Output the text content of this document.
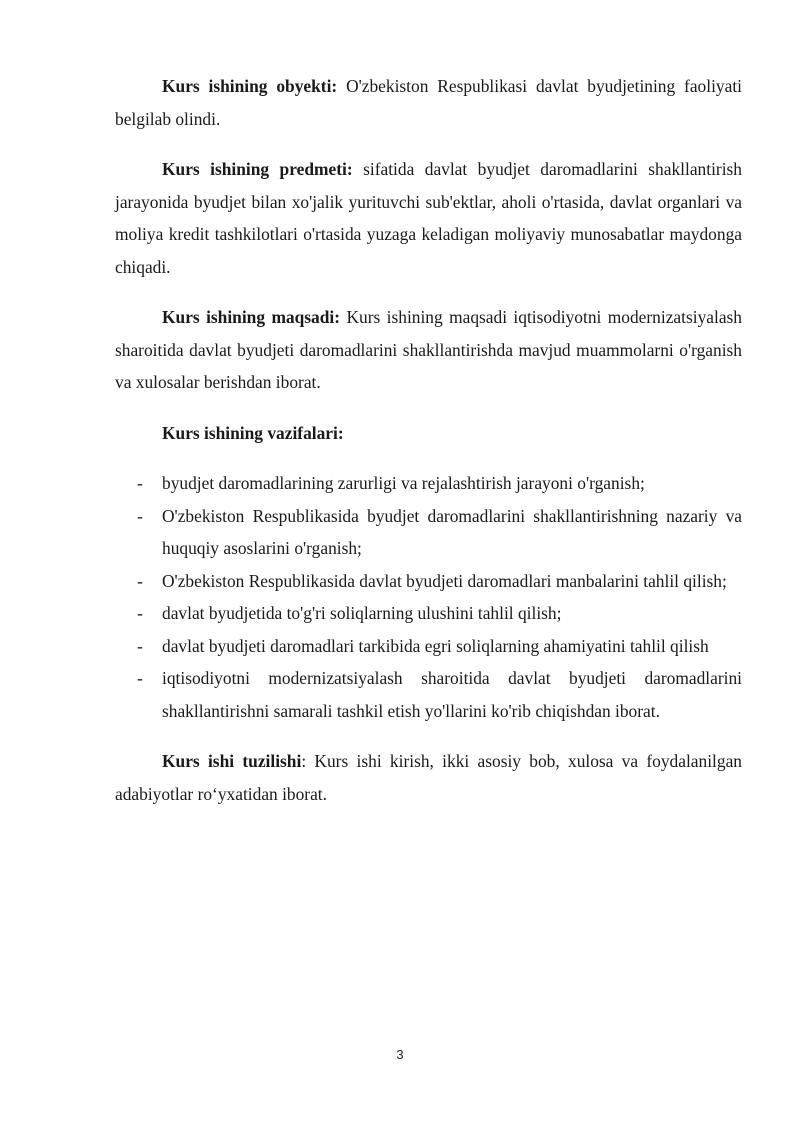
Kurs ishining obyekti: O'zbekiston Respublikasi davlat byudjetining faoliyati belgilab olindi.

Kurs ishining predmeti: sifatida davlat byudjet daromadlarini shakllantirish jarayonida byudjet bilan xo'jalik yurituvchi sub'ektlar, aholi o'rtasida, davlat organlari va moliya kredit tashkilotlari o'rtasida yuzaga keladigan moliyaviy munosabatlar maydonga chiqadi.

Kurs ishining maqsadi: Kurs ishining maqsadi iqtisodiyotni modernizatsiyalash sharoitida davlat byudjeti daromadlarini shakllantirishda mavjud muammolarni o'rganish va xulosalar berishdan iborat.

Kurs ishining vazifalari:

- byudjet daromadlarining zarurligi va rejalashtirish jarayoni o'rganish;
- O'zbekiston Respublikasida byudjet daromadlarini shakllantirishning nazariy va huquqiy asoslarini o'rganish;
- O'zbekiston Respublikasida davlat byudjeti daromadlari manbalarini tahlil qilish;
- davlat byudjetida to'g'ri soliqlarning ulushini tahlil qilish;
- davlat byudjeti daromadlari tarkibida egri soliqlarning ahamiyatini tahlil qilish
- iqtisodiyotni modernizatsiyalash sharoitida davlat byudjeti daromadlarini shakllantirishni samarali tashkil etish yo'llarini ko'rib chiqishdan iborat.

Kurs ishi tuzilishi: Kurs ishi kirish, ikki asosiy bob, xulosa va foydalanilgan adabiyotlar roʻyxatidan iborat.

3
